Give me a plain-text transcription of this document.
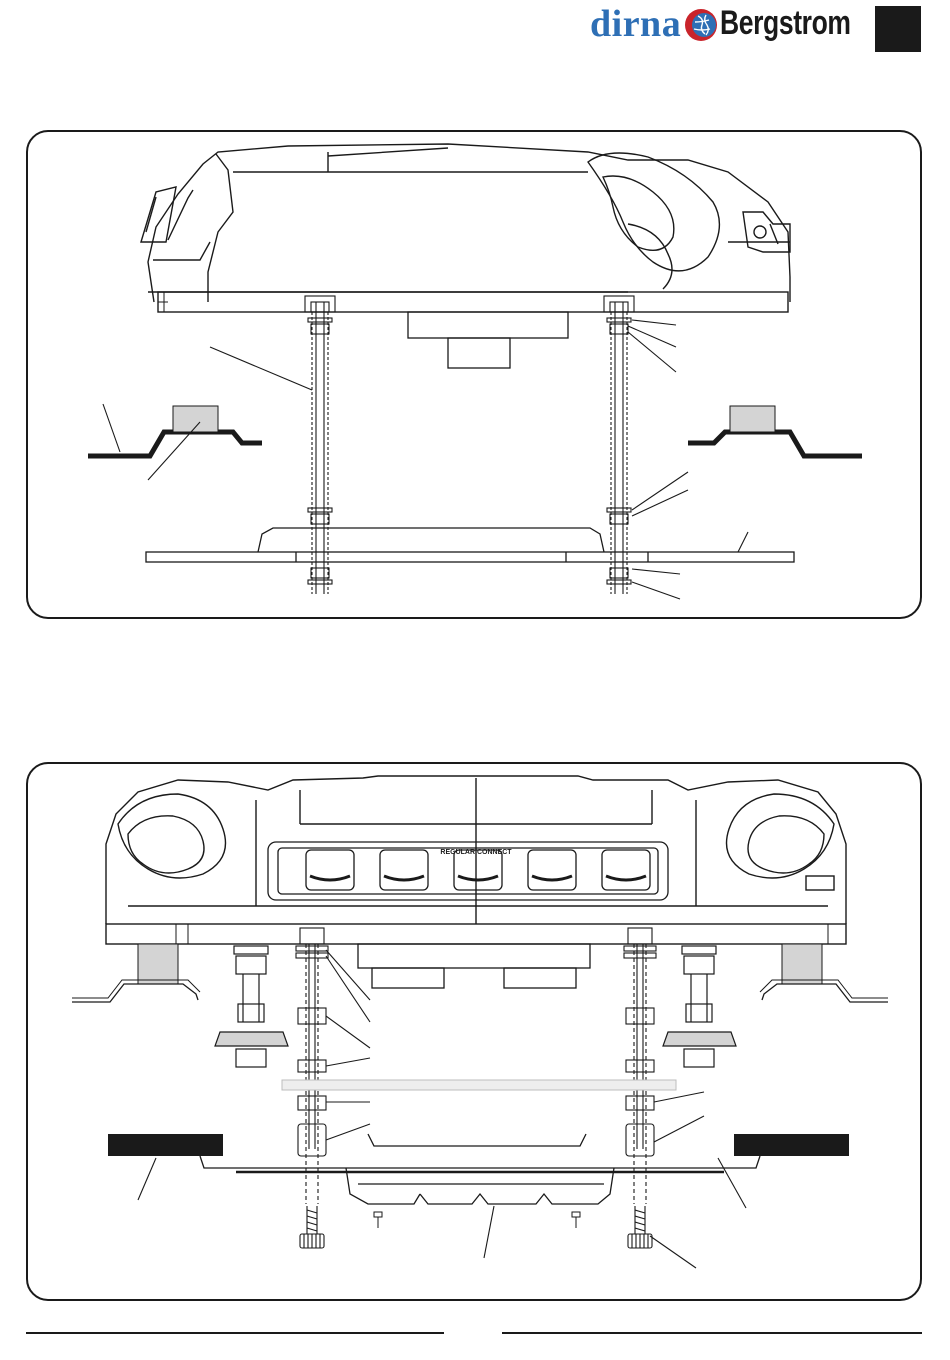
dirna Bergstrom
REGULAR CONNECT
